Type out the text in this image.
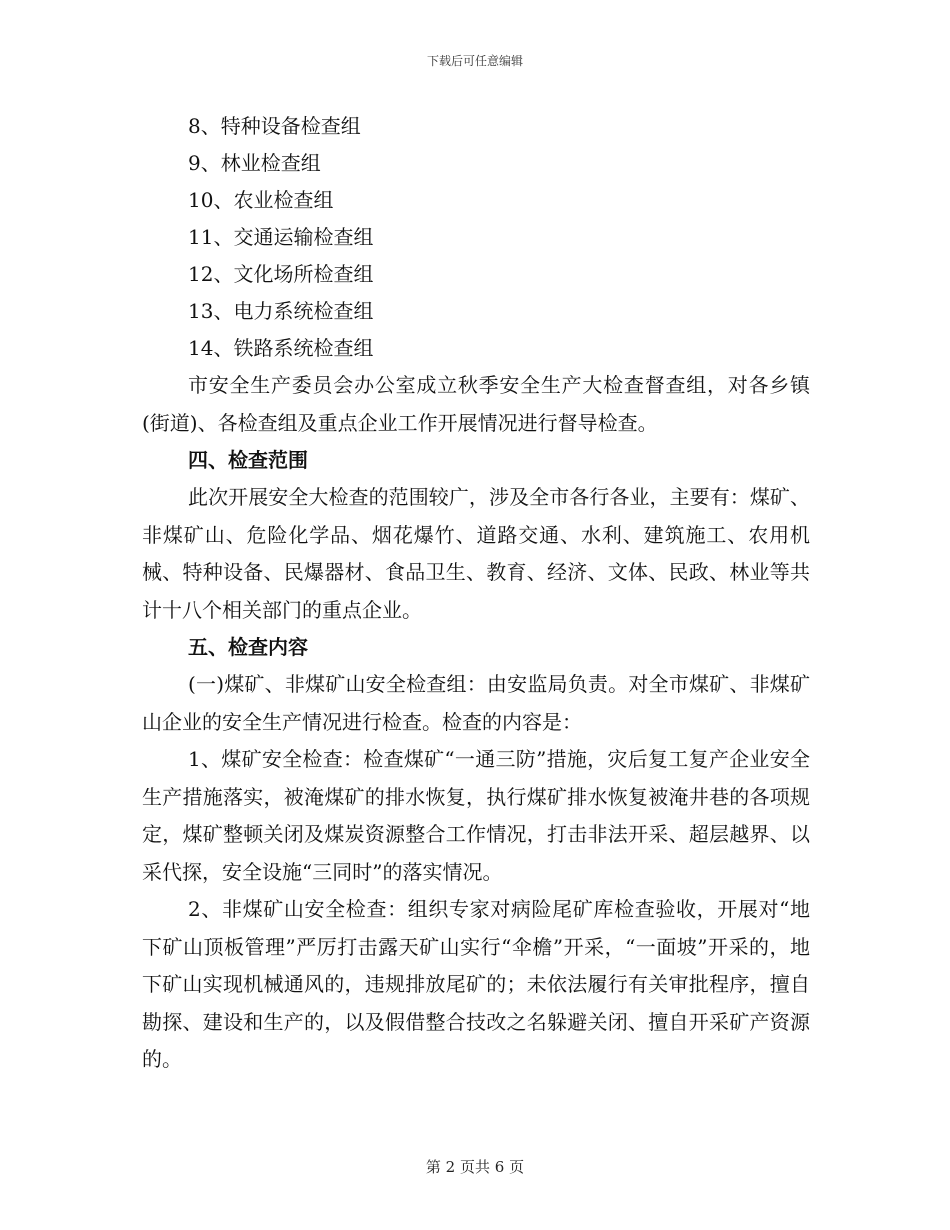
下载后可任意编辑
8、特种设备检查组
9、林业检查组
10、农业检查组
11、交通运输检查组
12、文化场所检查组
13、电力系统检查组
14、铁路系统检查组
市安全生产委员会办公室成立秋季安全生产大检查督查组，对各乡镇(街道)、各检查组及重点企业工作开展情况进行督导检查。
四、检查范围
此次开展安全大检查的范围较广，涉及全市各行各业，主要有：煤矿、非煤矿山、危险化学品、烟花爆竹、道路交通、水利、建筑施工、农用机械、特种设备、民爆器材、食品卫生、教育、经济、文体、民政、林业等共计十八个相关部门的重点企业。
五、检查内容
(一)煤矿、非煤矿山安全检查组：由安监局负责。对全市煤矿、非煤矿山企业的安全生产情况进行检查。检查的内容是：
1、煤矿安全检查：检查煤矿“一通三防”措施，灾后复工复产企业安全生产措施落实，被淹煤矿的排水恢复，执行煤矿排水恢复被淹井巷的各项规定，煤矿整顿关闭及煤炭资源整合工作情况，打击非法开采、超层越界、以采代探，安全设施“三同时”的落实情况。
2、非煤矿山安全检查：组织专家对病险尾矿库检查验收，开展对“地下矿山顶板管理”严厉打击露天矿山实行“伞檐”开采，“一面坡”开采的，地下矿山实现机械通风的，违规排放尾矿的；未依法履行有关审批程序，擅自勘探、建设和生产的，以及假借整合技改之名躲避关闭、擅自开采矿产资源的。
第 2 页共 6 页
